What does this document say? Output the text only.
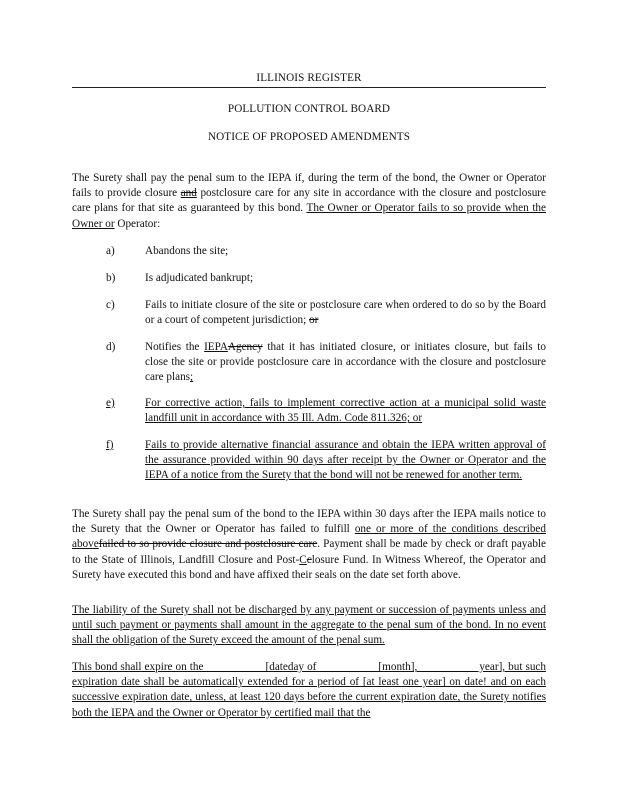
ILLINOIS REGISTER
POLLUTION CONTROL BOARD
NOTICE OF PROPOSED AMENDMENTS

The Surety shall pay the penal sum to the IEPA if, during the term of the bond, the Owner or Operator fails to provide closure and postclosure care for any site in accordance with the closure and postclosure care plans for that site as guaranteed by this bond. The Owner or Operator fails to so provide when the Owner or Operator:

a)	Abandons the site;

b)	Is adjudicated bankrupt;

c)	Fails to initiate closure of the site or postclosure care when ordered to do so by the Board or a court of competent jurisdiction; or

d)	Notifies the IEPAAgency that it has initiated closure, or initiates closure, but fails to close the site or provide postclosure care in accordance with the closure and postclosure care plans;

e)	For corrective action, fails to implement corrective action at a municipal solid waste landfill unit in accordance with 35 Ill. Adm. Code 811.326; or

f)	Fails to provide alternative financial assurance and obtain the IEPA written approval of the assurance provided within 90 days after receipt by the Owner or Operator and the IEPA of a notice from the Surety that the bond will not be renewed for another term.

The Surety shall pay the penal sum of the bond to the IEPA within 30 days after the IEPA mails notice to the Surety that the Owner or Operator has failed to fulfill one or more of the conditions described abovefailed to so provide closure and postclosure care. Payment shall be made by check or draft payable to the State of Illinois, Landfill Closure and Post-Cclosure Fund. In Witness Whereof, the Operator and Surety have executed this bond and have affixed their seals on the date set forth above.

The liability of the Surety shall not be discharged by any payment or succession of payments unless and until such payment or payments shall amount in the aggregate to the penal sum of the bond. In no event shall the obligation of the Surety exceed the amount of the penal sum.

This bond shall expire on the __________ [dateday of __________ [month], __________ year], but such expiration date shall be automatically extended for a period of [at least one year] on date! and on each successive expiration date, unless, at least 120 days before the current expiration date, the Surety notifies both the IEPA and the Owner or Operator by certified mail that the
